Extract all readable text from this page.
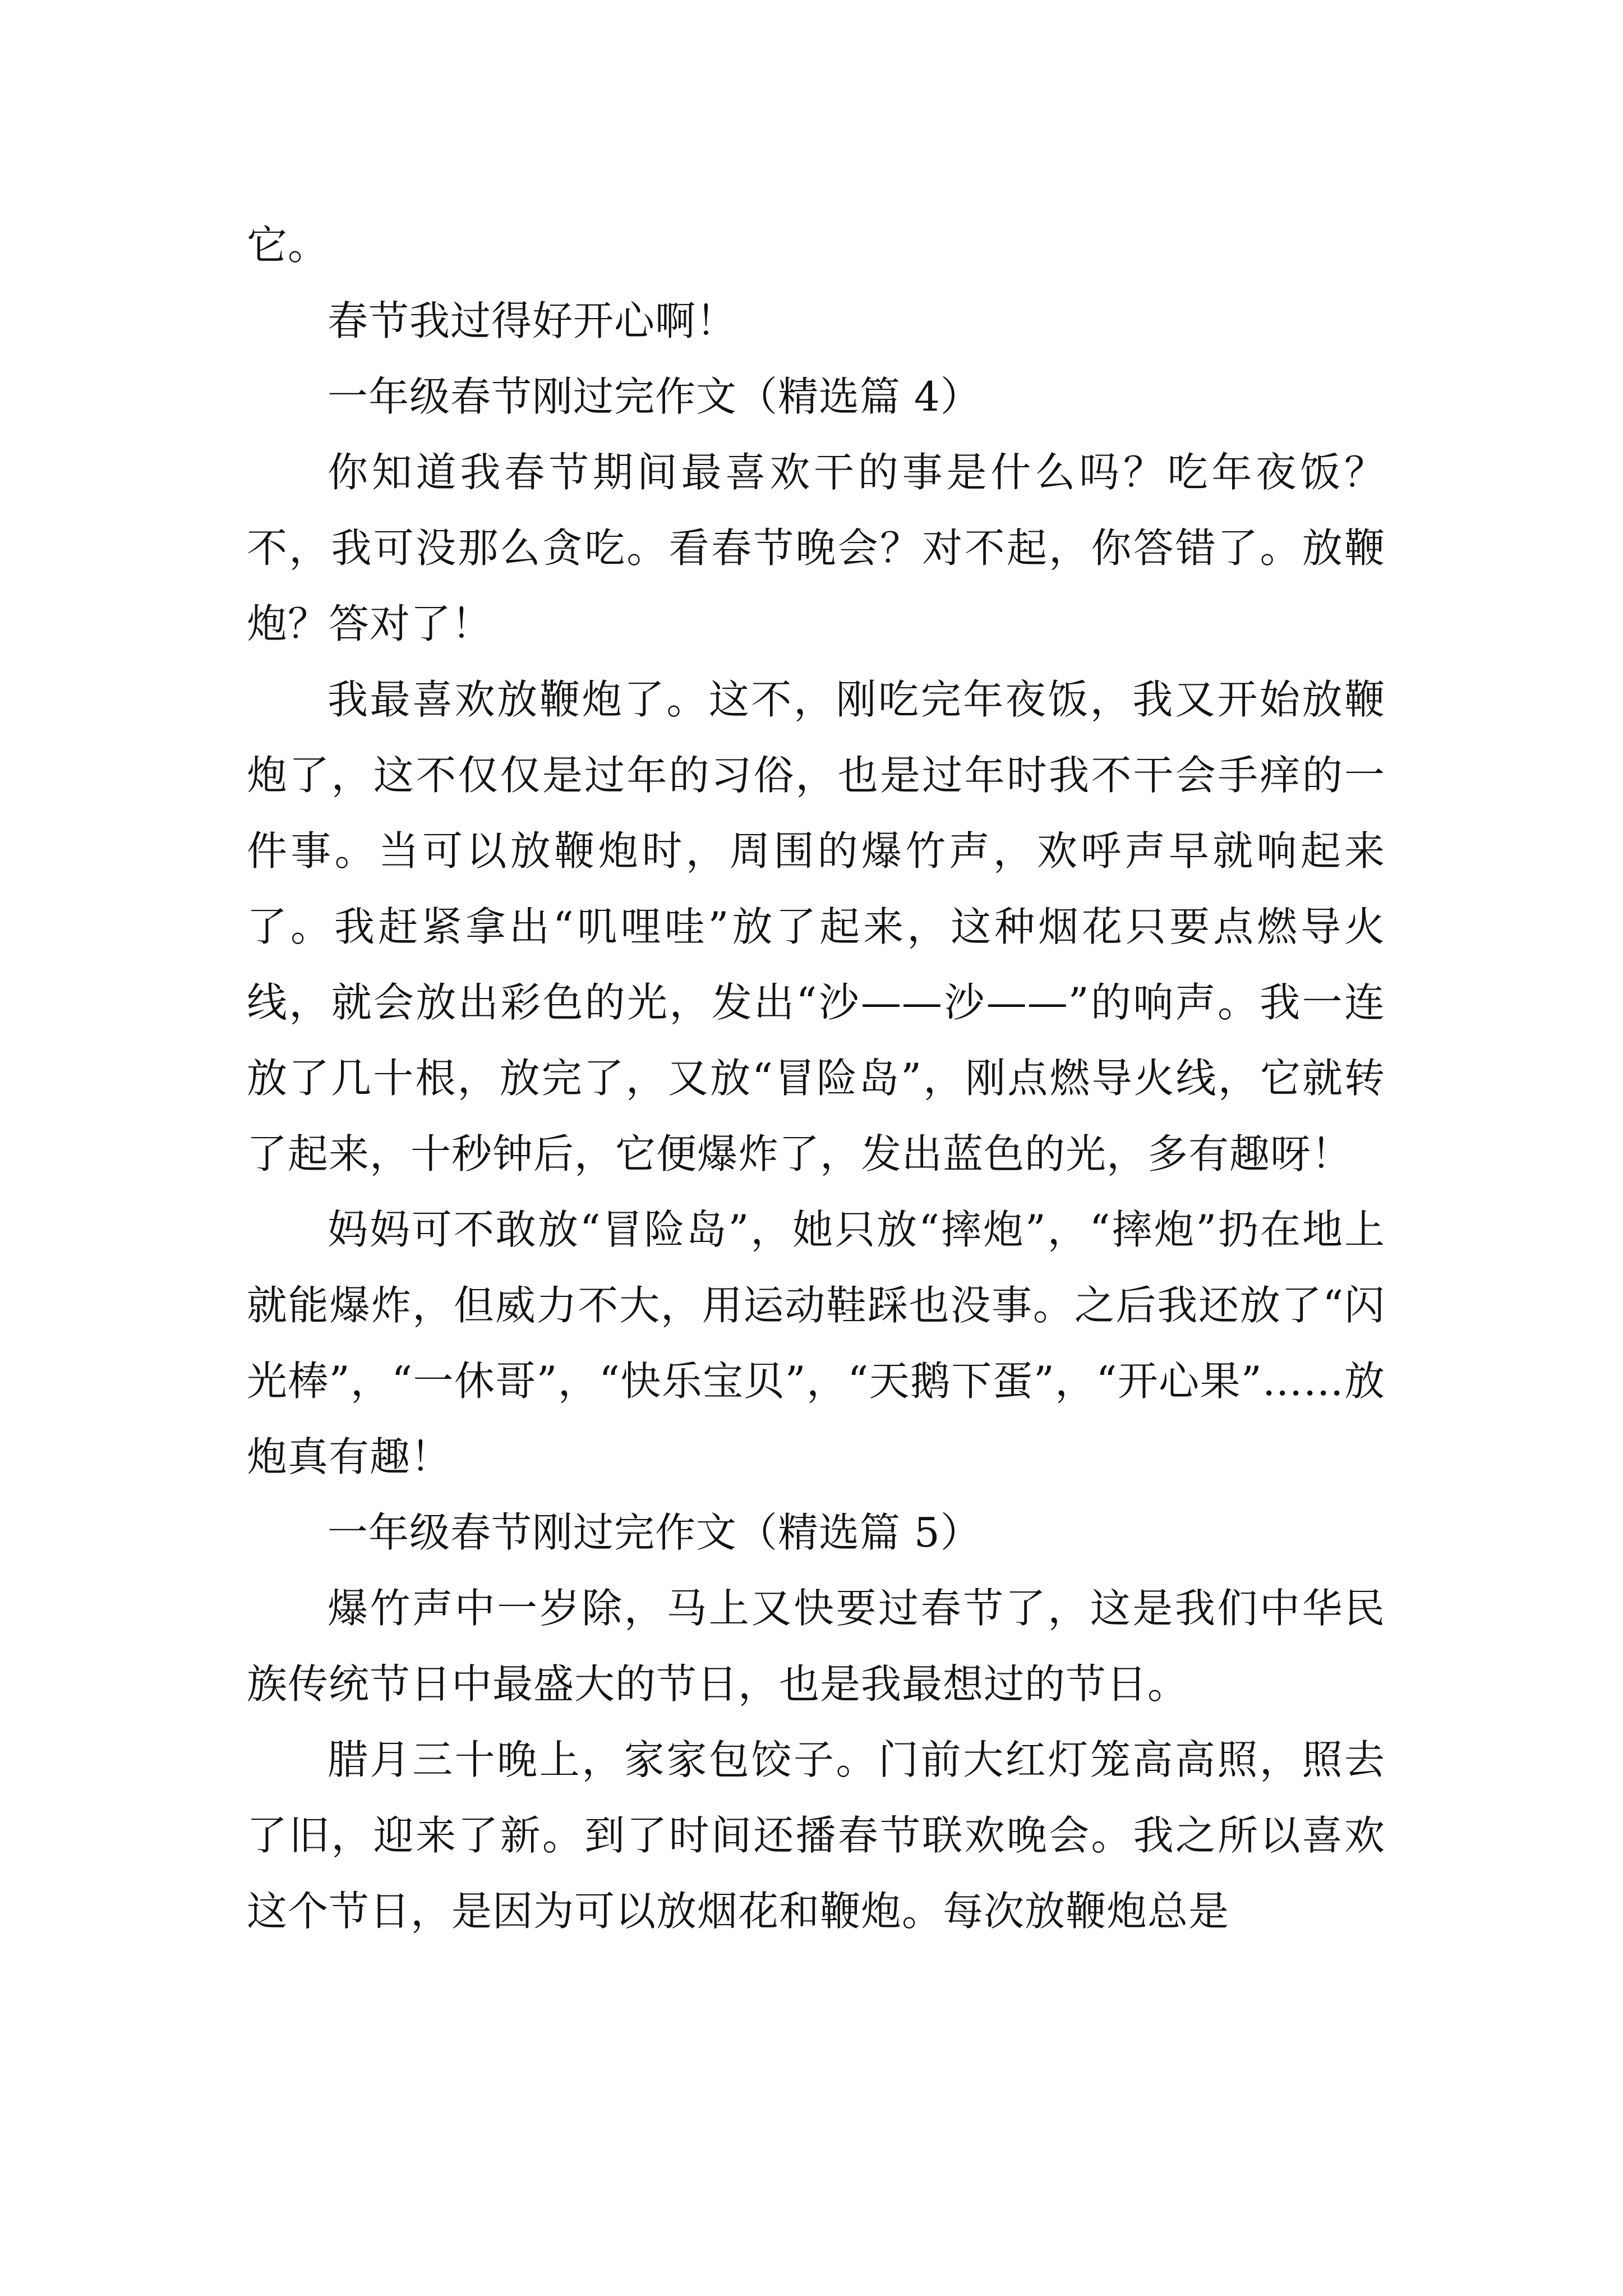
它。

春节我过得好开心啊！

一年级春节刚过完作文（精选篇 4）

你知道我春节期间最喜欢干的事是什么吗？吃年夜饭？不，我可没那么贪吃。看春节晚会？对不起，你答错了。放鞭炮？答对了！

我最喜欢放鞭炮了。这不，刚吃完年夜饭，我又开始放鞭炮了，这不仅仅是过年的习俗，也是过年时我不干会手痒的一件事。当可以放鞭炮时，周围的爆竹声，欢呼声早就响起来了。我赶紧拿出“叽哩哇”放了起来，这种烟花只要点燃导火线，就会放出彩色的光，发出“沙——沙——”的响声。我一连放了几十根，放完了，又放“冒险岛”，刚点燃导火线，它就转了起来，十秒钟后，它便爆炸了，发出蓝色的光，多有趣呀！

妈妈可不敢放“冒险岛”，她只放“摔炮”，“摔炮”扔在地上就能爆炸，但威力不大，用运动鞋踩也没事。之后我还放了“闪光棒”，“一休哥”，“快乐宝贝”，“天鹅下蛋”，“开心果”……放炮真有趣！

一年级春节刚过完作文（精选篇 5）

爆竹声中一岁除，马上又快要过春节了，这是我们中华民族传统节日中最盛大的节日，也是我最想过的节日。

腊月三十晚上，家家包饺子。门前大红灯笼高高照，照去了旧，迎来了新。到了时间还播春节联欢晚会。我之所以喜欢这个节日，是因为可以放烟花和鞭炮。每次放鞭炮总是
